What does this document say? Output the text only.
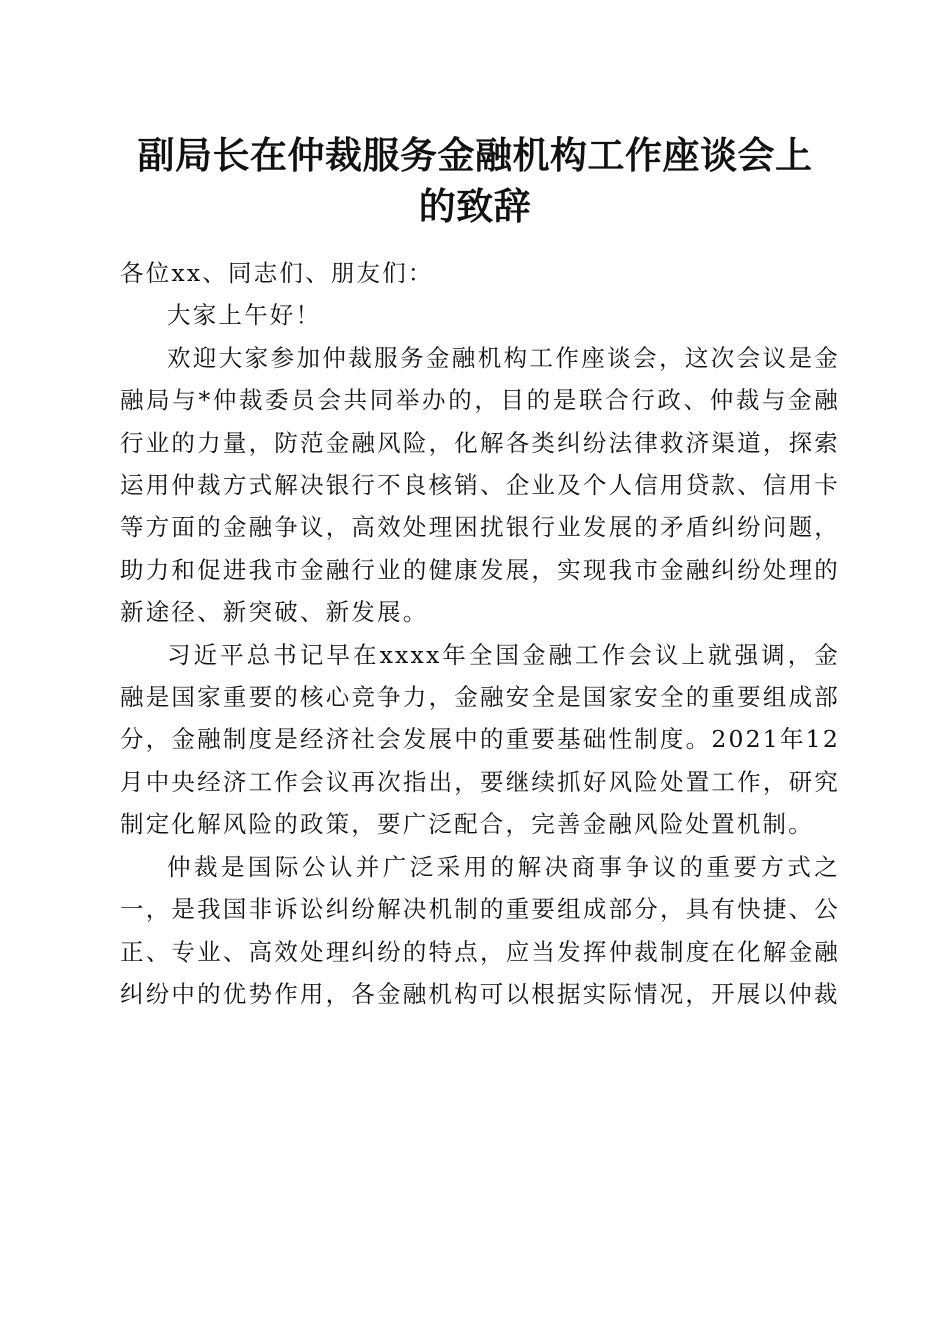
副局长在仲裁服务金融机构工作座谈会上的致辞

各位xx、同志们、朋友们：

大家上午好！

欢迎大家参加仲裁服务金融机构工作座谈会，这次会议是金融局与*仲裁委员会共同举办的，目的是联合行政、仲裁与金融行业的力量，防范金融风险，化解各类纠纷法律救济渠道，探索运用仲裁方式解决银行不良核销、企业及个人信用贷款、信用卡等方面的金融争议，高效处理困扰银行业发展的矛盾纠纷问题，助力和促进我市金融行业的健康发展，实现我市金融纠纷处理的新途径、新突破、新发展。

习近平总书记早在xxxx年全国金融工作会议上就强调，金融是国家重要的核心竞争力，金融安全是国家安全的重要组成部分，金融制度是经济社会发展中的重要基础性制度。2021年12月中央经济工作会议再次指出，要继续抓好风险处置工作，研究制定化解风险的政策，要广泛配合，完善金融风险处置机制。

仲裁是国际公认并广泛采用的解决商事争议的重要方式之一，是我国非诉讼纠纷解决机制的重要组成部分，具有快捷、公正、专业、高效处理纠纷的特点，应当发挥仲裁制度在化解金融纠纷中的优势作用，各金融机构可以根据实际情况，开展以仲裁
